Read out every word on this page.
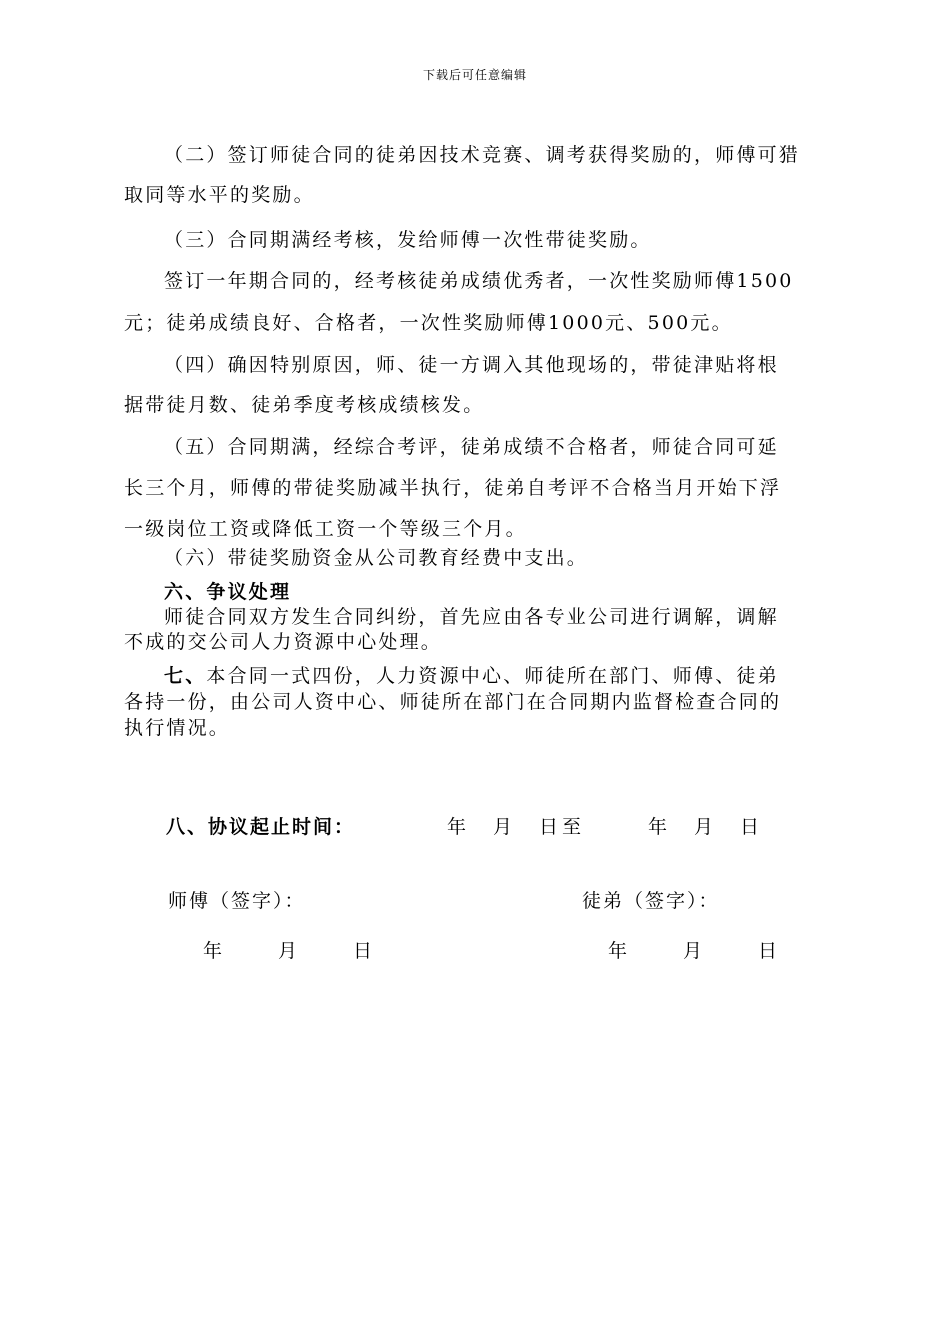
下载后可任意编辑
（二）签订师徒合同的徒弟因技术竞赛、调考获得奖励的，师傅可猎
取同等水平的奖励。
（三）合同期满经考核，发给师傅一次性带徒奖励。
签订一年期合同的，经考核徒弟成绩优秀者，一次性奖励师傅1500
元；徒弟成绩良好、合格者，一次性奖励师傅1000元、500元。
（四）确因特别原因，师、徒一方调入其他现场的，带徒津贴将根
据带徒月数、徒弟季度考核成绩核发。
（五）合同期满，经综合考评，徒弟成绩不合格者，师徒合同可延
长三个月，师傅的带徒奖励减半执行，徒弟自考评不合格当月开始下浮
一级岗位工资或降低工资一个等级三个月。
（六）带徒奖励资金从公司教育经费中支出。
六、争议处理
师徒合同双方发生合同纠纷，首先应由各专业公司进行调解，调解
不成的交公司人力资源中心处理。
七、本合同一式四份，人力资源中心、师徒所在部门、师傅、徒弟
各持一份，由公司人资中心、师徒所在部门在合同期内监督检查合同的
执行情况。
八、协议起止时间：	年　月　日至	年　月　日
师傅（签字）：	徒弟（签字）：
年　　月　　日	年　　月　　日
